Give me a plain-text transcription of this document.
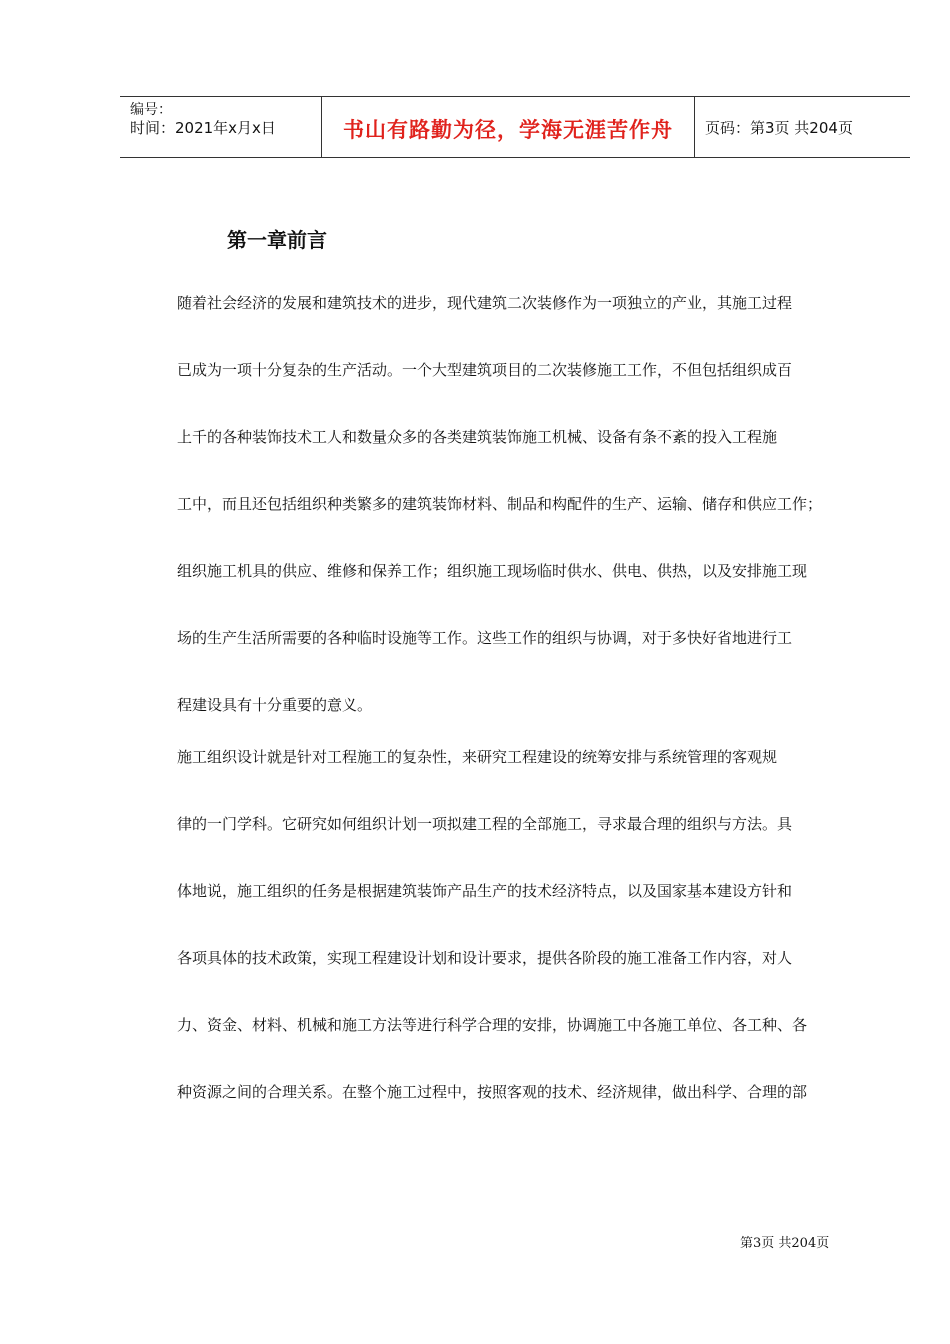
编号：
时间：2021年x月x日	书山有路勤为径，学海无涯苦作舟	页码：第3页 共204页
第一章前言
随着社会经济的发展和建筑技术的进步，现代建筑二次装修作为一项独立的产业，其施工过程
已成为一项十分复杂的生产活动。一个大型建筑项目的二次装修施工工作，不但包括组织成百
上千的各种装饰技术工人和数量众多的各类建筑装饰施工机械、设备有条不紊的投入工程施
工中，而且还包括组织种类繁多的建筑装饰材料、制品和构配件的生产、运输、储存和供应工作；
组织施工机具的供应、维修和保养工作；组织施工现场临时供水、供电、供热，以及安排施工现
场的生产生活所需要的各种临时设施等工作。这些工作的组织与协调，对于多快好省地进行工
程建设具有十分重要的意义。
施工组织设计就是针对工程施工的复杂性，来研究工程建设的统筹安排与系统管理的客观规
律的一门学科。它研究如何组织计划一项拟建工程的全部施工，寻求最合理的组织与方法。具
体地说，施工组织的任务是根据建筑装饰产品生产的技术经济特点，以及国家基本建设方针和
各项具体的技术政策，实现工程建设计划和设计要求，提供各阶段的施工准备工作内容，对人
力、资金、材料、机械和施工方法等进行科学合理的安排，协调施工中各施工单位、各工种、各
种资源之间的合理关系。在整个施工过程中，按照客观的技术、经济规律，做出科学、合理的部
第3页 共204页
